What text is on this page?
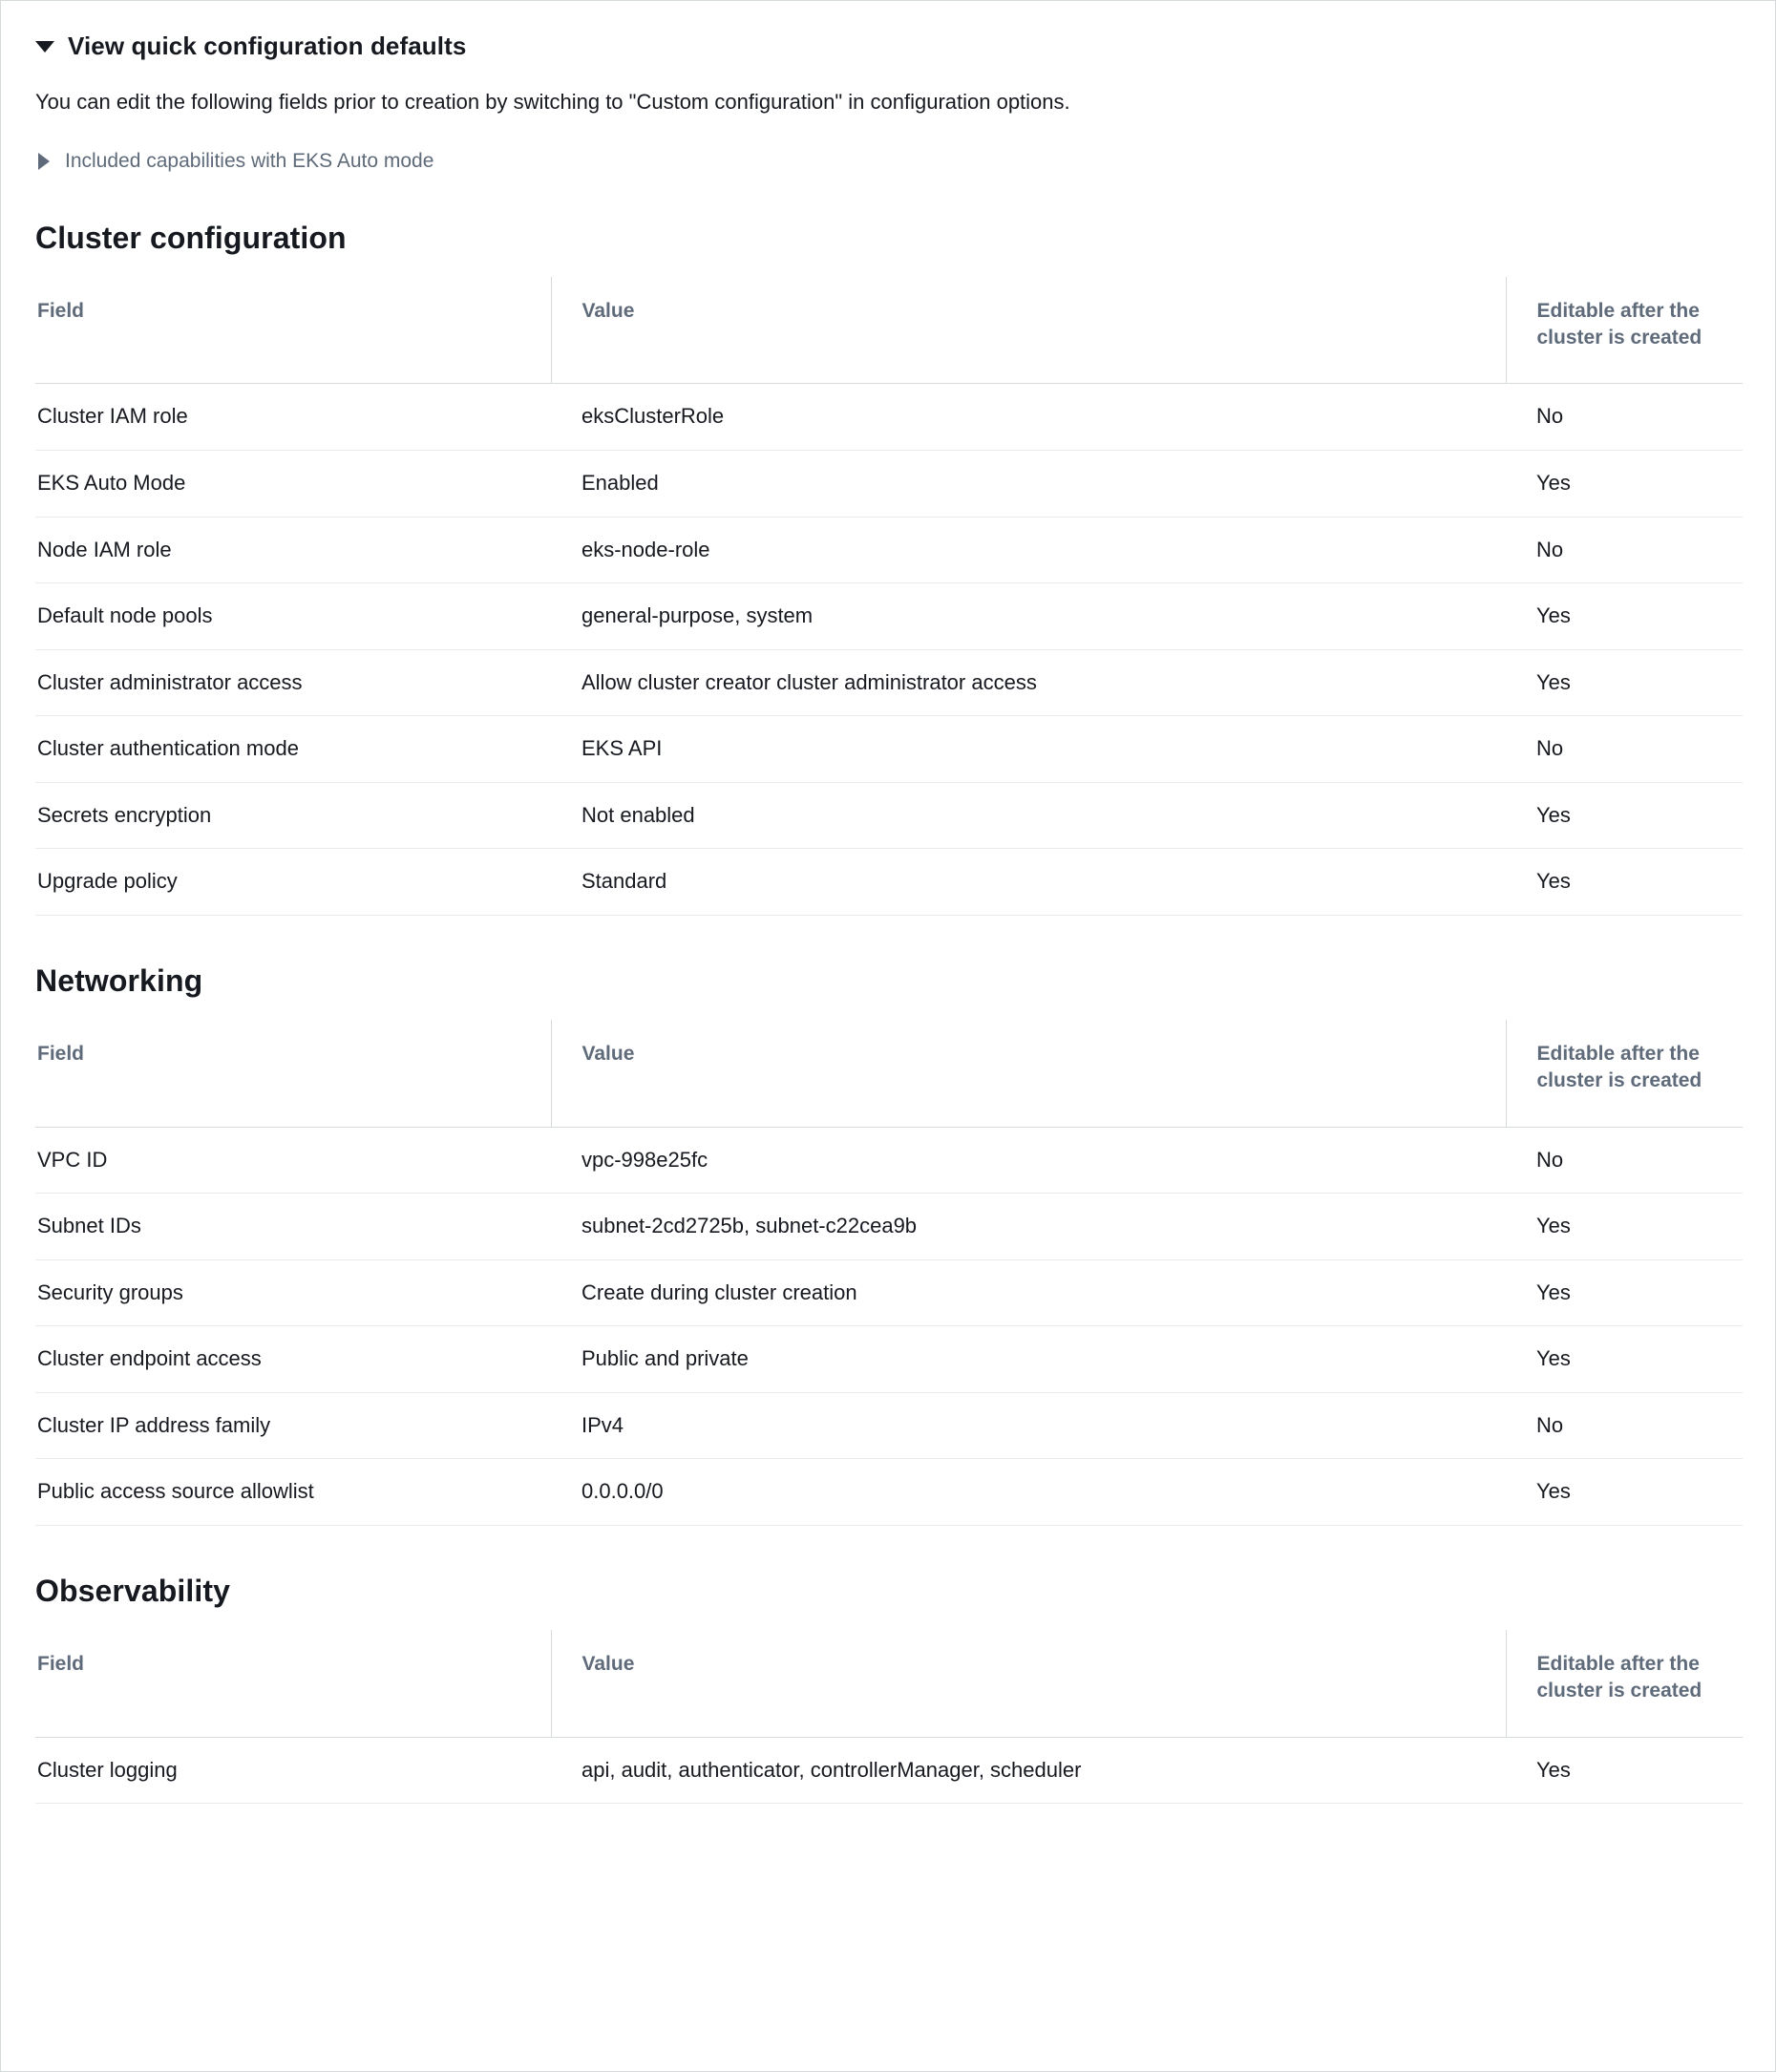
View quick configuration defaults

You can edit the following fields prior to creation by switching to "Custom configuration" in configuration options.

Included capabilities with EKS Auto mode
Cluster configuration
Field	Value	Editable after the cluster is created
Cluster IAM role	eksClusterRole	No
EKS Auto Mode	Enabled	Yes
Node IAM role	eks-node-role	No
Default node pools	general-purpose, system	Yes
Cluster administrator access	Allow cluster creator cluster administrator access	Yes
Cluster authentication mode	EKS API	No
Secrets encryption	Not enabled	Yes
Upgrade policy	Standard	Yes
Networking
Field	Value	Editable after the cluster is created
VPC ID	vpc-998e25fc	No
Subnet IDs	subnet-2cd2725b, subnet-c22cea9b	Yes
Security groups	Create during cluster creation	Yes
Cluster endpoint access	Public and private	Yes
Cluster IP address family	IPv4	No
Public access source allowlist	0.0.0.0/0	Yes
Observability
Field	Value	Editable after the cluster is created
Cluster logging	api, audit, authenticator, controllerManager, scheduler	Yes
